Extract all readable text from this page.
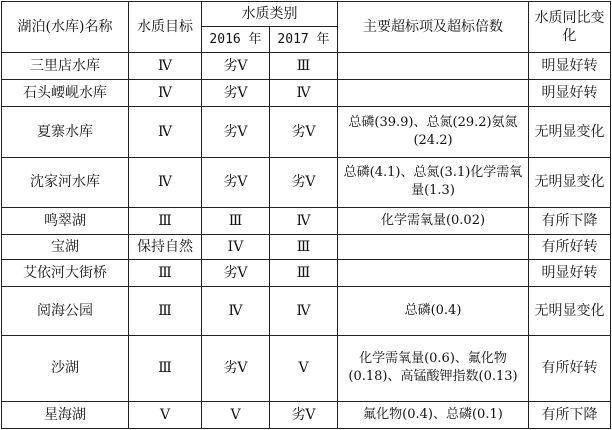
湖泊(水库)名称	水质目标	水质类别		主要超标项及超标倍数	水质同比变化
		2016 年	2017 年		
三里店水库	Ⅳ	劣Ⅴ	Ⅲ		明显好转
石头崾岘水库	Ⅳ	劣Ⅴ	Ⅳ		明显好转
夏寨水库	Ⅳ	劣Ⅴ	劣Ⅴ	总磷(39.9)、总氮(29.2)氨氮(24.2)	无明显变化
沈家河水库	Ⅳ	劣Ⅴ	劣Ⅴ	总磷(4.1)、总氮(3.1)化学需氧量(1.3)	无明显变化
鸣翠湖	Ⅲ	Ⅲ	Ⅳ	化学需氧量(0.02)	有所下降
宝湖	保持自然	IV	Ⅲ		有所好转
艾依河大街桥	Ⅲ	劣Ⅴ	Ⅲ		明显好转
阅海公园	Ⅲ	Ⅳ	Ⅳ	总磷(0.4)	无明显变化
沙湖	Ⅲ	劣Ⅴ	Ⅴ	化学需氧量(0.6)、氟化物(0.18)、高锰酸钾指数(0.13)	有所好转
星海湖	Ⅴ	Ⅴ	劣Ⅴ	氟化物(0.4)、总磷(0.1)	有所下降
